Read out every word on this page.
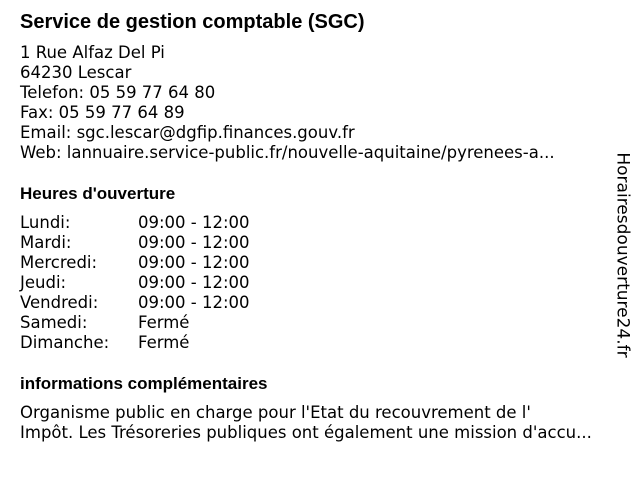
Service de gestion comptable (SGC)
1 Rue Alfaz Del Pi
64230 Lescar
Telefon: 05 59 77 64 80
Fax: 05 59 77 64 89
Email: sgc.lescar@dgfip.finances.gouv.fr
Web: lannuaire.service-public.fr/nouvelle-aquitaine/pyrenees-a...
Heures d'ouverture
Lundi:	09:00 - 12:00
Mardi:	09:00 - 12:00
Mercredi: 09:00 - 12:00
Jeudi:	09:00 - 12:00
Vendredi: 09:00 - 12:00
Samedi:	Fermé
Dimanche: Fermé
informations complémentaires
Organisme public en charge pour l'Etat du recouvrement de l'
Impôt. Les Trésoreries publiques ont également une mission d'accu...
Horairesdouverture24.fr
